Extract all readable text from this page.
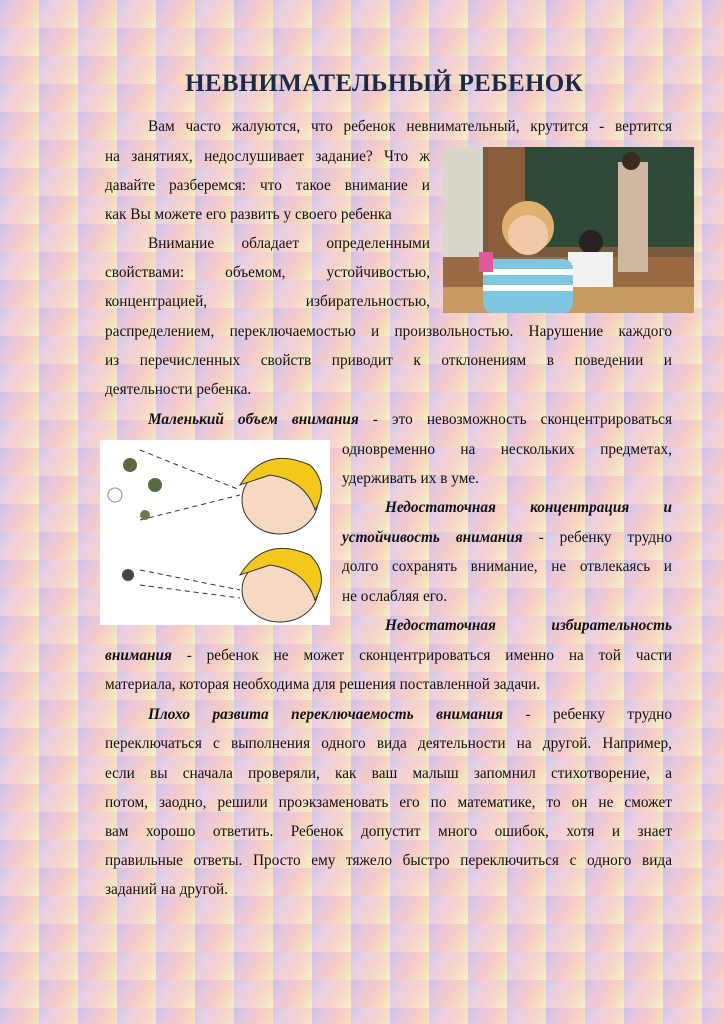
НЕВНИМАТЕЛЬНЫЙ РЕБЕНОК
Вам часто жалуются, что ребенок невнимательный, крутится - вертится
на занятиях, недослушивает задание? Что ж
давайте разберемся: что такое внимание и
как Вы можете его развить у своего ребенка
Внимание обладает определенными
свойствами: объемом, устойчивостью,
концентрацией, избирательностью,
распределением, переключаемостью и произвольностью. Нарушение каждого
из перечисленных свойств приводит к отклонениям в поведении и
деятельности ребенка.
Маленький объем внимания - это невозможность сконцентрироваться
одновременно на нескольких предметах,
удерживать их в уме.
Недостаточная концентрация и
устойчивость внимания - ребенку трудно
долго сохранять внимание, не отвлекаясь и
не ослабляя его.
Недостаточная избирательность
внимания - ребенок не может сконцентрироваться именно на той части
материала, которая необходима для решения поставленной задачи.
Плохо развита переключаемость внимания - ребенку трудно
переключаться с выполнения одного вида деятельности на другой. Например,
если вы сначала проверяли, как ваш малыш запомнил стихотворение, а
потом, заодно, решили проэкзаменовать его по математике, то он не сможет
вам хорошо ответить. Ребенок допустит много ошибок, хотя и знает
правильные ответы. Просто ему тяжело быстро переключиться с одного вида
заданий на другой.
